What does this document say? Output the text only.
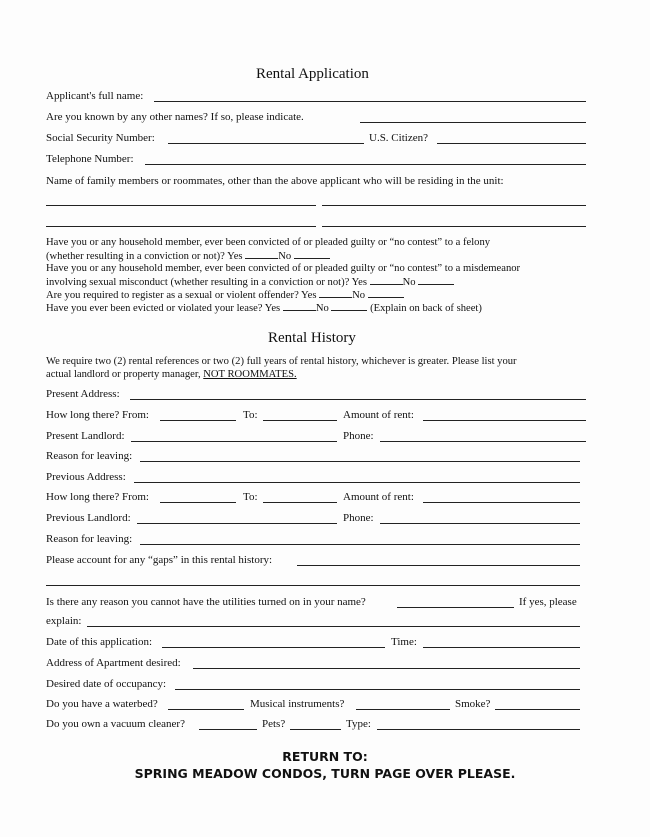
Rental Application
Applicant's full name:
Are you known by any other names? If so, please indicate.
Social Security Number:	U.S. Citizen?
Telephone Number:
Name of family members or roommates, other than the above applicant who will be residing in the unit:
Have you or any household member, ever been convicted of or pleaded guilty or “no contest” to a felony
(whether resulting in a conviction or not)? Yes	No
Have you or any household member, ever been convicted of or pleaded guilty or “no contest” to a misdemeanor
involving sexual misconduct (whether resulting in a conviction or not)? Yes	No
Are you required to register as a sexual or violent offender? Yes	No
Have you ever been evicted or violated your lease? Yes	No	(Explain on back of sheet)
Rental History
We require two (2) rental references or two (2) full years of rental history, whichever is greater. Please list your
actual landlord or property manager, NOT ROOMMATES.
Present Address:
How long there? From:	To:	Amount of rent:
Present Landlord:	Phone:
Reason for leaving:
Previous Address:
How long there? From:	To:	Amount of rent:
Previous Landlord:	Phone:
Reason for leaving:
Please account for any “gaps” in this rental history:
Is there any reason you cannot have the utilities turned on in your name?	If yes, please
explain:
Date of this application:	Time:
Address of Apartment desired:
Desired date of occupancy:
Do you have a waterbed?	Musical instruments?	Smoke?
Do you own a vacuum cleaner?	Pets?	Type:
RETURN TO:
SPRING MEADOW CONDOS, TURN PAGE OVER PLEASE.
